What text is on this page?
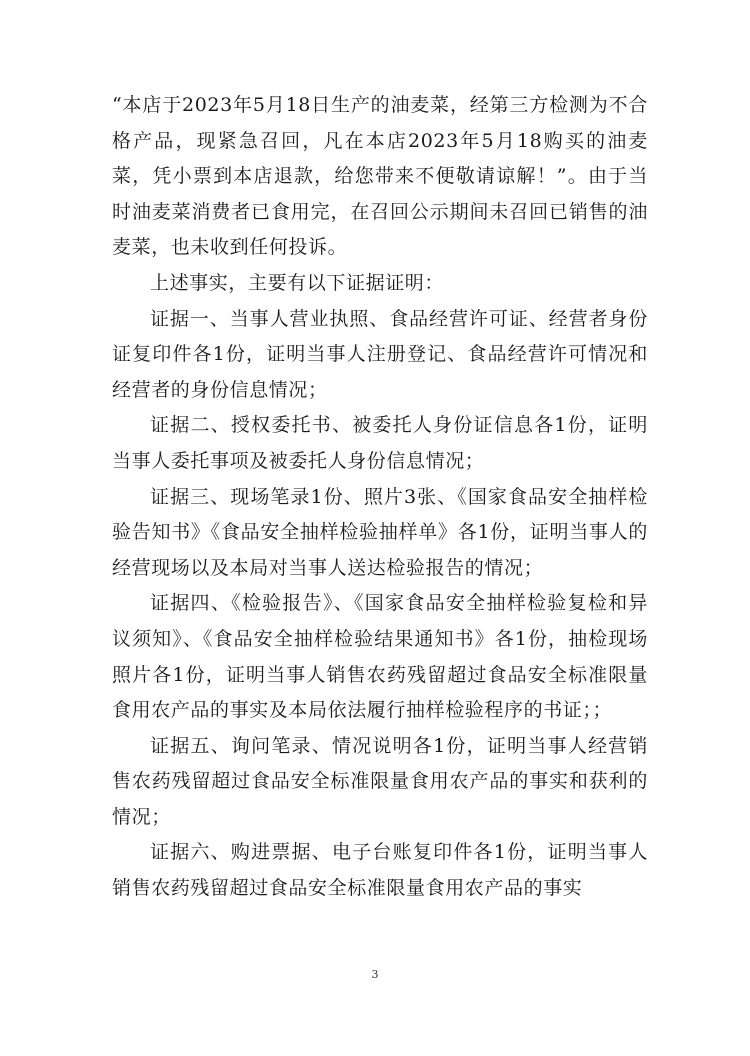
“本店于2023年5月18日生产的油麦菜，经第三方检测为不合格产品，现紧急召回，凡在本店2023年5月18购买的油麦菜，凭小票到本店退款，给您带来不便敬请谅解！”。由于当时油麦菜消费者已食用完，在召回公示期间未召回已销售的油麦菜，也未收到任何投诉。

上述事实，主要有以下证据证明：

证据一、当事人营业执照、食品经营许可证、经营者身份证复印件各1份，证明当事人注册登记、食品经营许可情况和经营者的身份信息情况；

证据二、授权委托书、被委托人身份证信息各1份，证明当事人委托事项及被委托人身份信息情况；

证据三、现场笔录1份、照片3张、《国家食品安全抽样检验告知书》《食品安全抽样检验抽样单》各1份，证明当事人的经营现场以及本局对当事人送达检验报告的情况；

证据四、《检验报告》、《国家食品安全抽样检验复检和异议须知》、《食品安全抽样检验结果通知书》各1份，抽检现场照片各1份，证明当事人销售农药残留超过食品安全标准限量食用农产品的事实及本局依法履行抽样检验程序的书证；；

证据五、询问笔录、情况说明各1份，证明当事人经营销售农药残留超过食品安全标准限量食用农产品的事实和获利的情况；

证据六、购进票据、电子台账复印件各1份，证明当事人销售农药残留超过食品安全标准限量食用农产品的事实

3
